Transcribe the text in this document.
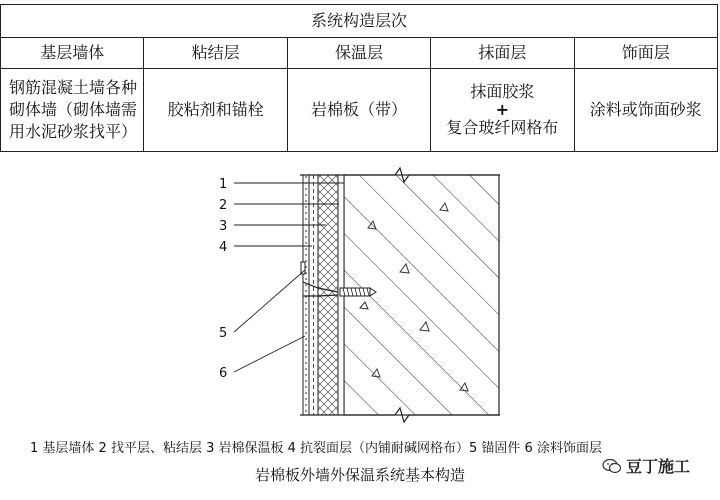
系统构造层次				
基层墙体	粘结层	保温层	抹面层	饰面层
钢筋混凝土墙各种砌体墙（砌体墙需用水泥砂浆找平）	胶粘剂和锚栓	岩棉板（带）	抹面胶浆
+
复合玻纤网格布	涂料或饰面砂浆
1
2
3
4
5
6
1 基层墙体 2 找平层、粘结层 3 岩棉保温板 4 抗裂面层（内铺耐碱网格布）5 锚固件 6 涂料饰面层
岩棉板外墙外保温系统基本构造	豆丁施工
